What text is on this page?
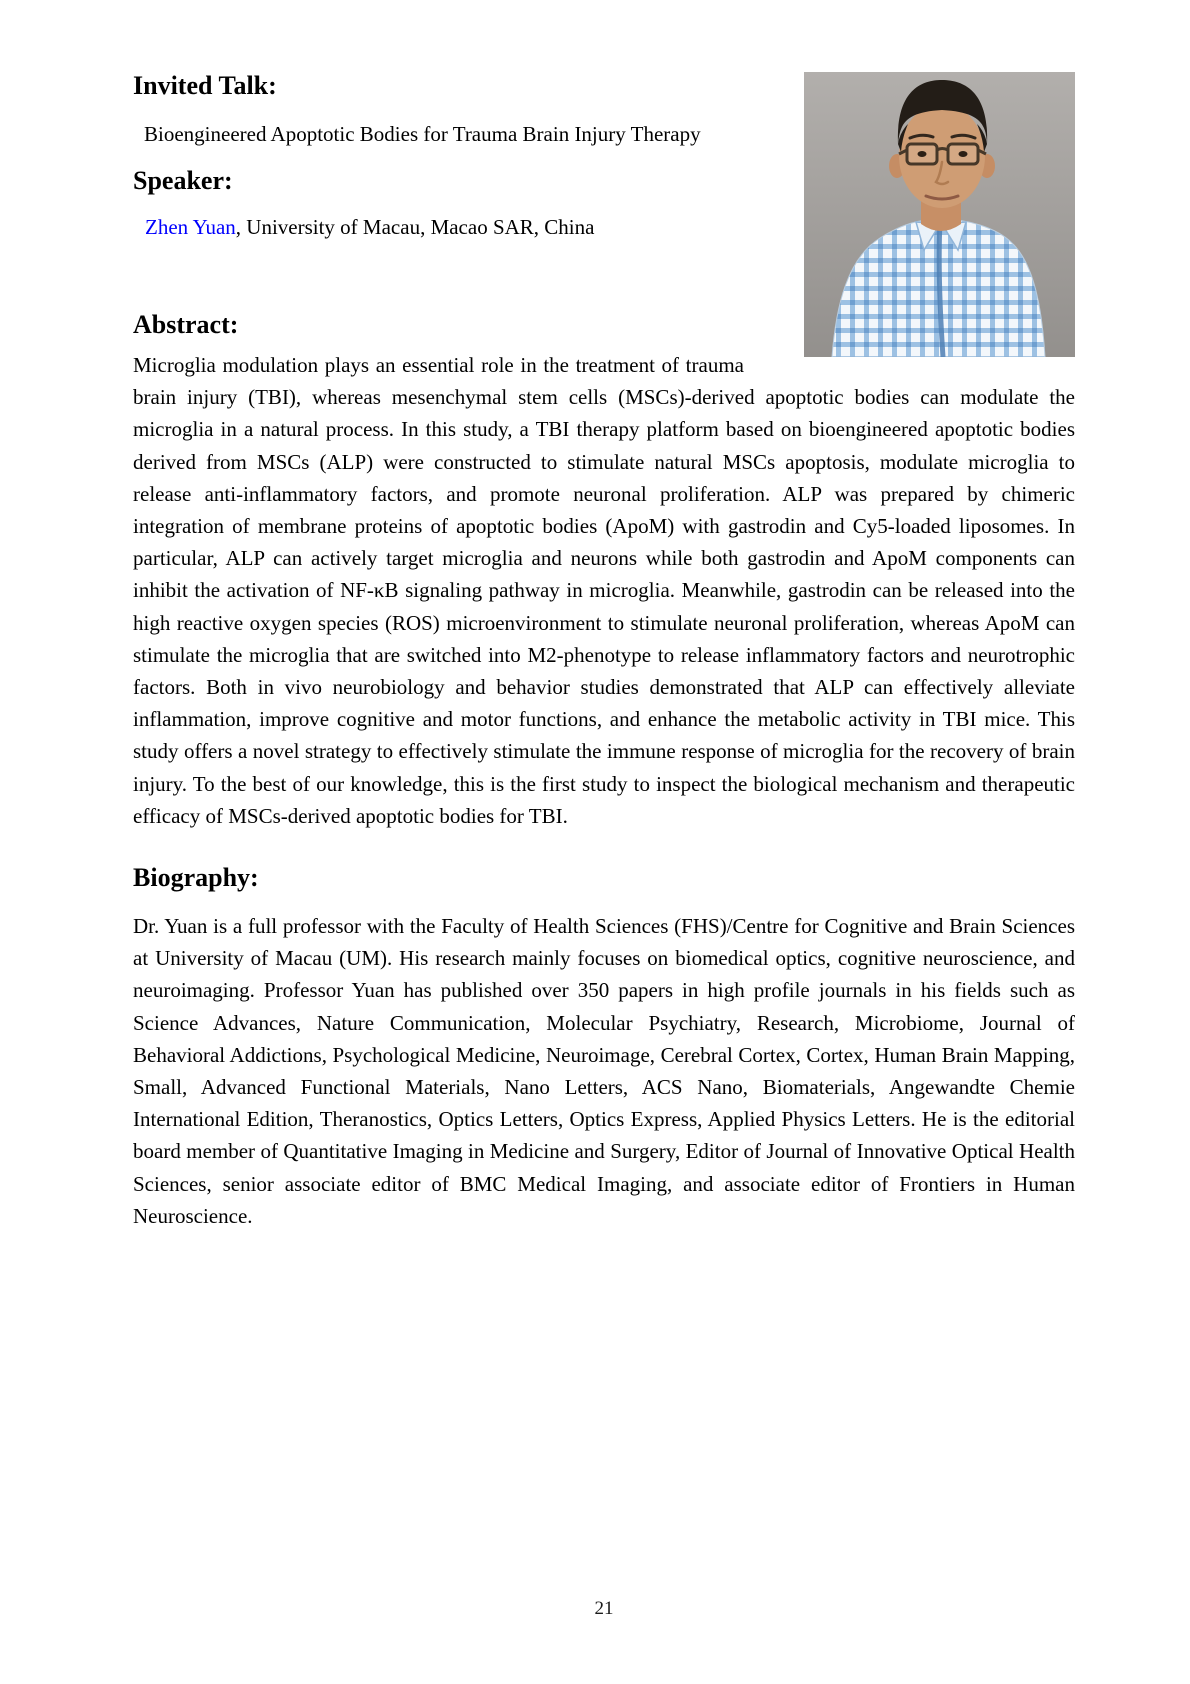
Invited Talk:

Bioengineered Apoptotic Bodies for Trauma Brain Injury Therapy

Speaker:

Zhen Yuan, University of Macau, Macao SAR, China

Abstract:

Microglia modulation plays an essential role in the treatment of trauma brain injury (TBI), whereas mesenchymal stem cells (MSCs)-derived apoptotic bodies can modulate the microglia in a natural process. In this study, a TBI therapy platform based on bioengineered apoptotic bodies derived from MSCs (ALP) were constructed to stimulate natural MSCs apoptosis, modulate microglia to release anti-inflammatory factors, and promote neuronal proliferation. ALP was prepared by chimeric integration of membrane proteins of apoptotic bodies (ApoM) with gastrodin and Cy5-loaded liposomes. In particular, ALP can actively target microglia and neurons while both gastrodin and ApoM components can inhibit the activation of NF-κB signaling pathway in microglia. Meanwhile, gastrodin can be released into the high reactive oxygen species (ROS) microenvironment to stimulate neuronal proliferation, whereas ApoM can stimulate the microglia that are switched into M2-phenotype to release inflammatory factors and neurotrophic factors. Both in vivo neurobiology and behavior studies demonstrated that ALP can effectively alleviate inflammation, improve cognitive and motor functions, and enhance the metabolic activity in TBI mice. This study offers a novel strategy to effectively stimulate the immune response of microglia for the recovery of brain injury. To the best of our knowledge, this is the first study to inspect the biological mechanism and therapeutic efficacy of MSCs-derived apoptotic bodies for TBI.

Biography:

Dr. Yuan is a full professor with the Faculty of Health Sciences (FHS)/Centre for Cognitive and Brain Sciences at University of Macau (UM). His research mainly focuses on biomedical optics, cognitive neuroscience, and neuroimaging. Professor Yuan has published over 350 papers in high profile journals in his fields such as Science Advances, Nature Communication, Molecular Psychiatry, Research, Microbiome, Journal of Behavioral Addictions, Psychological Medicine, Neuroimage, Cerebral Cortex, Cortex, Human Brain Mapping, Small, Advanced Functional Materials, Nano Letters, ACS Nano, Biomaterials, Angewandte Chemie International Edition, Theranostics, Optics Letters, Optics Express, Applied Physics Letters. He is the editorial board member of Quantitative Imaging in Medicine and Surgery, Editor of Journal of Innovative Optical Health Sciences, senior associate editor of BMC Medical Imaging, and associate editor of Frontiers in Human Neuroscience.

21
